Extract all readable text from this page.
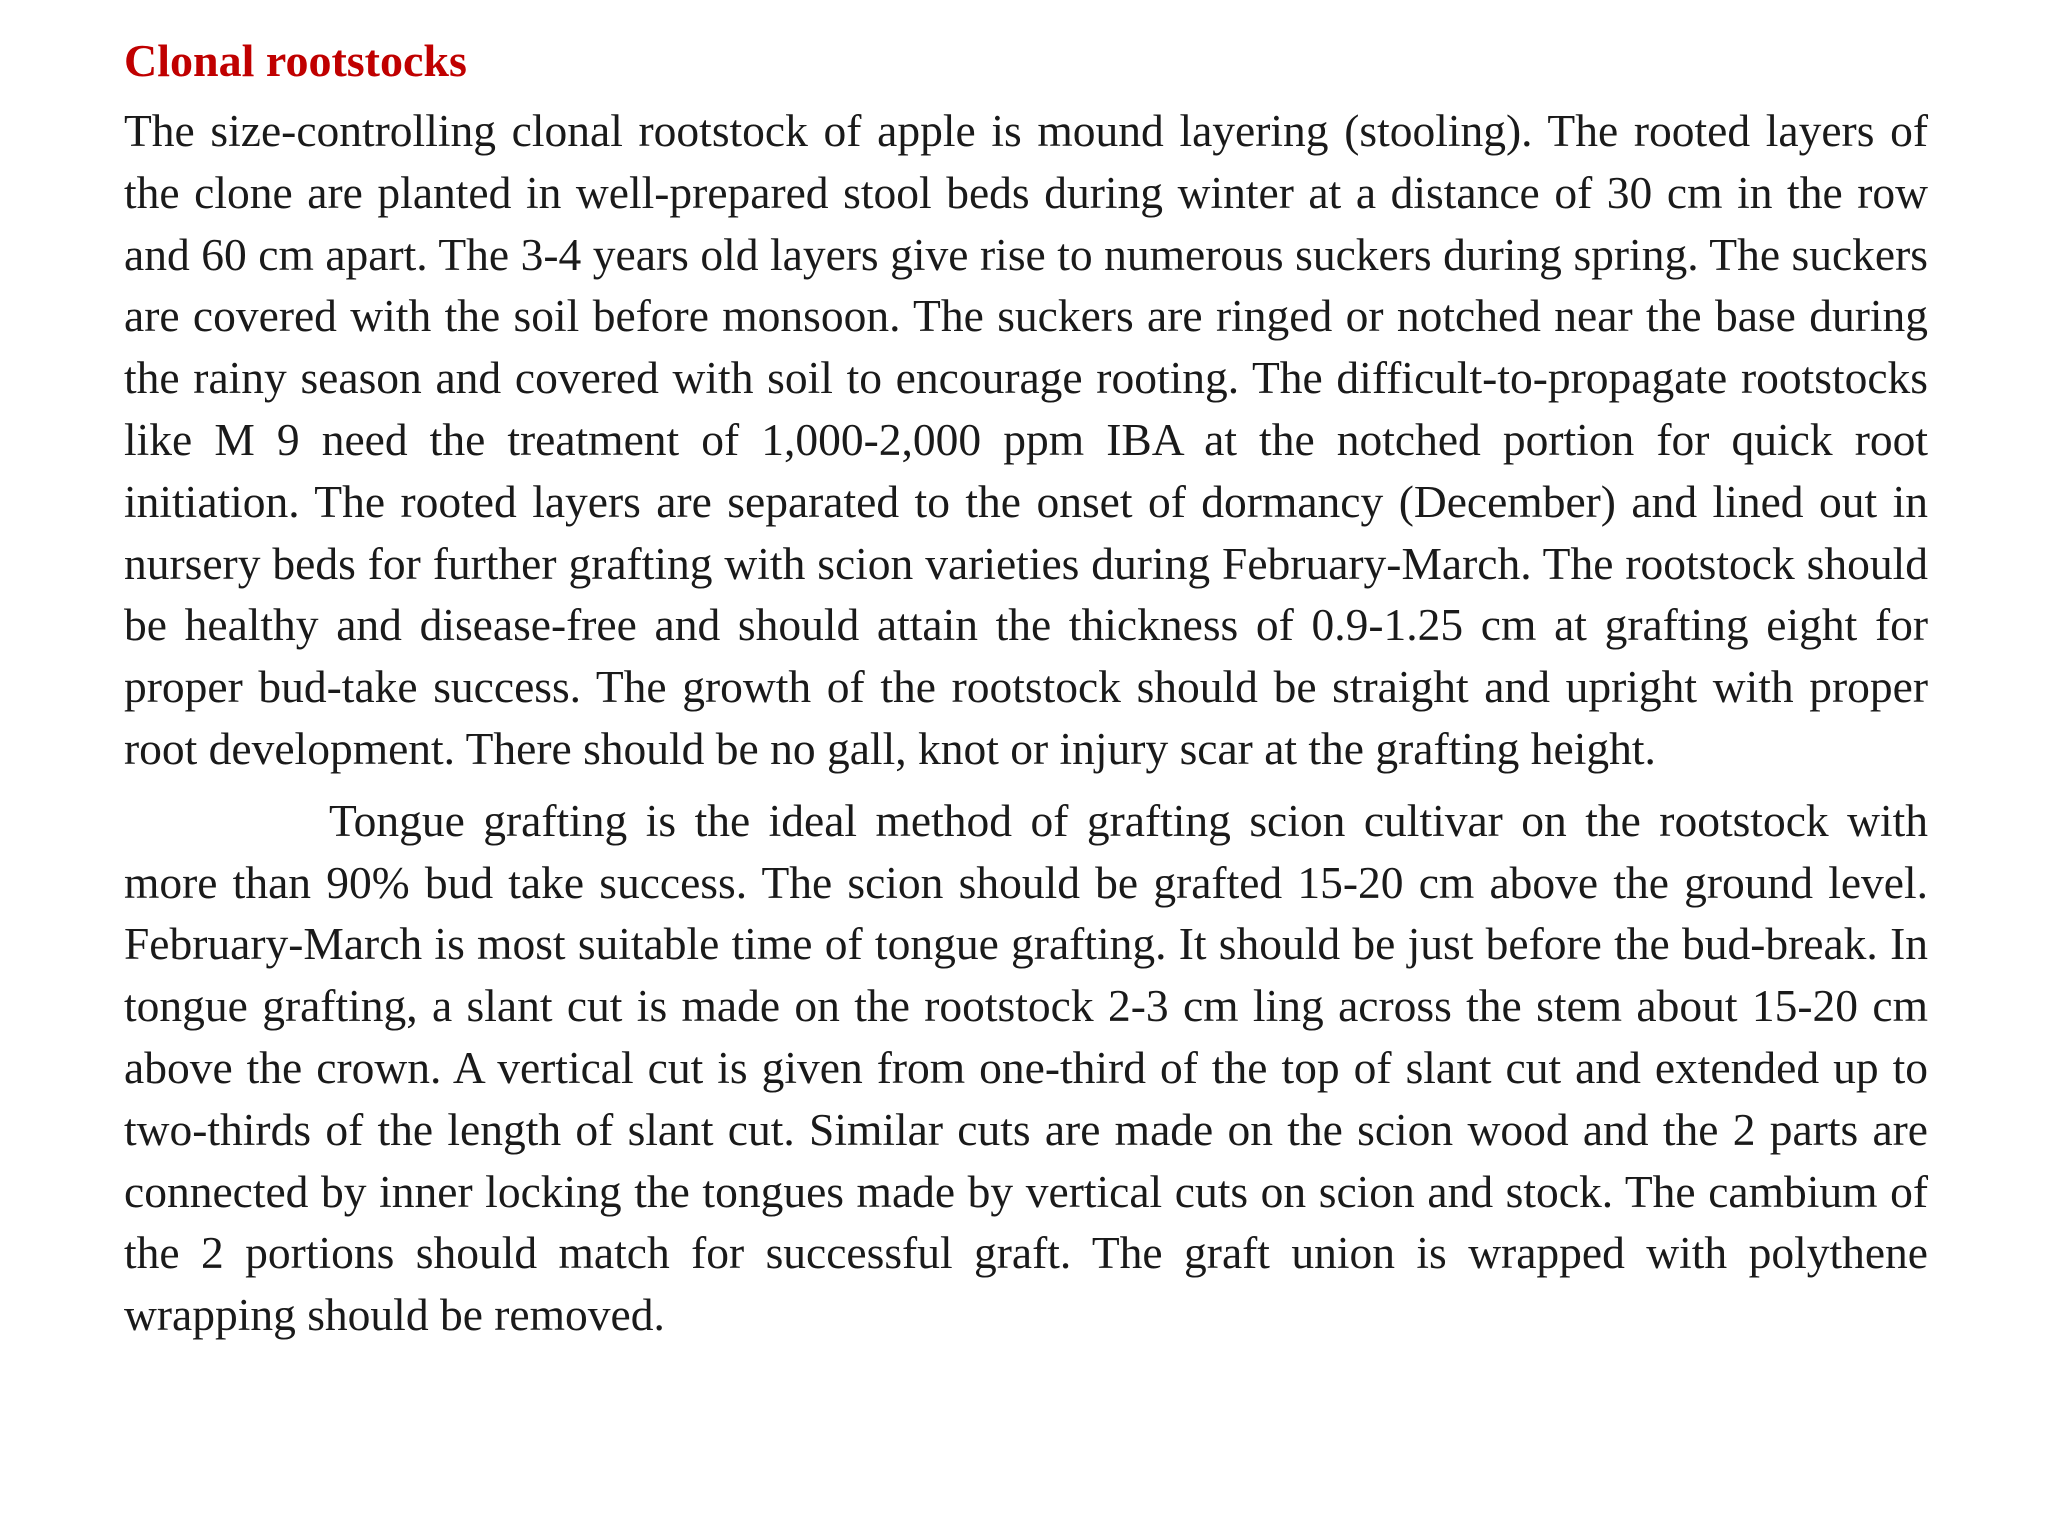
Clonal rootstocks

The size-controlling clonal rootstock of apple is mound layering (stooling). The rooted layers of the clone are planted in well-prepared stool beds during winter at a distance of 30 cm in the row and 60 cm apart. The 3-4 years old layers give rise to numerous suckers during spring. The suckers are covered with the soil before monsoon. The suckers are ringed or notched near the base during the rainy season and covered with soil to encourage rooting. The difficult-to-propagate rootstocks like M 9 need the treatment of 1,000-2,000 ppm IBA at the notched portion for quick root initiation. The rooted layers are separated to the onset of dormancy (December) and lined out in nursery beds for further grafting with scion varieties during February-March. The rootstock should be healthy and disease-free and should attain the thickness of 0.9-1.25 cm at grafting eight for proper bud-take success. The growth of the rootstock should be straight and upright with proper root development. There should be no gall, knot or injury scar at the grafting height.

Tongue grafting is the ideal method of grafting scion cultivar on the rootstock with more than 90% bud take success. The scion should be grafted 15-20 cm above the ground level. February-March is most suitable time of tongue grafting. It should be just before the bud-break. In tongue grafting, a slant cut is made on the rootstock 2-3 cm ling across the stem about 15-20 cm above the crown. A vertical cut is given from one-third of the top of slant cut and extended up to two-thirds of the length of slant cut. Similar cuts are made on the scion wood and the 2 parts are connected by inner locking the tongues made by vertical cuts on scion and stock. The cambium of the 2 portions should match for successful graft. The graft union is wrapped with polythene wrapping should be removed.
